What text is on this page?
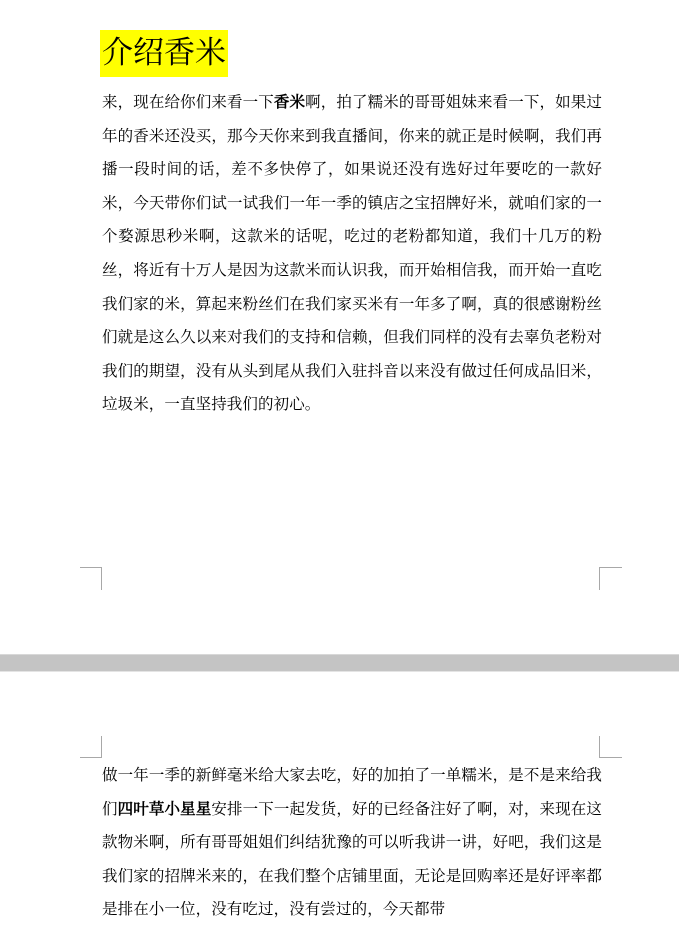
介绍香米
来，现在给你们来看一下香米啊，拍了糯米的哥哥姐妹来看一下，如果过年的香米还没买，那今天你来到我直播间，你来的就正是时候啊，我们再播一段时间的话，差不多快停了，如果说还没有选好过年要吃的一款好米，今天带你们试一试我们一年一季的镇店之宝招牌好米，就咱们家的一个婺源思秒米啊，这款米的话呢，吃过的老粉都知道，我们十几万的粉丝，将近有十万人是因为这款米而认识我，而开始相信我，而开始一直吃我们家的米，算起来粉丝们在我们家买米有一年多了啊，真的很感谢粉丝们就是这么久以来对我们的支持和信赖，但我们同样的没有去辜负老粉对我们的期望，没有从头到尾从我们入驻抖音以来没有做过任何成品旧米，垃圾米，一直坚持我们的初心。
做一年一季的新鲜毫米给大家去吃，好的加拍了一单糯米，是不是来给我们四叶草小星星安排一下一起发货，好的已经备注好了啊，对，来现在这款物米啊，所有哥哥姐姐们纠结犹豫的可以听我讲一讲，好吧，我们这是我们家的招牌米来的，在我们整个店铺里面，无论是回购率还是好评率都是排在小一位，没有吃过，没有尝过的，今天都带
